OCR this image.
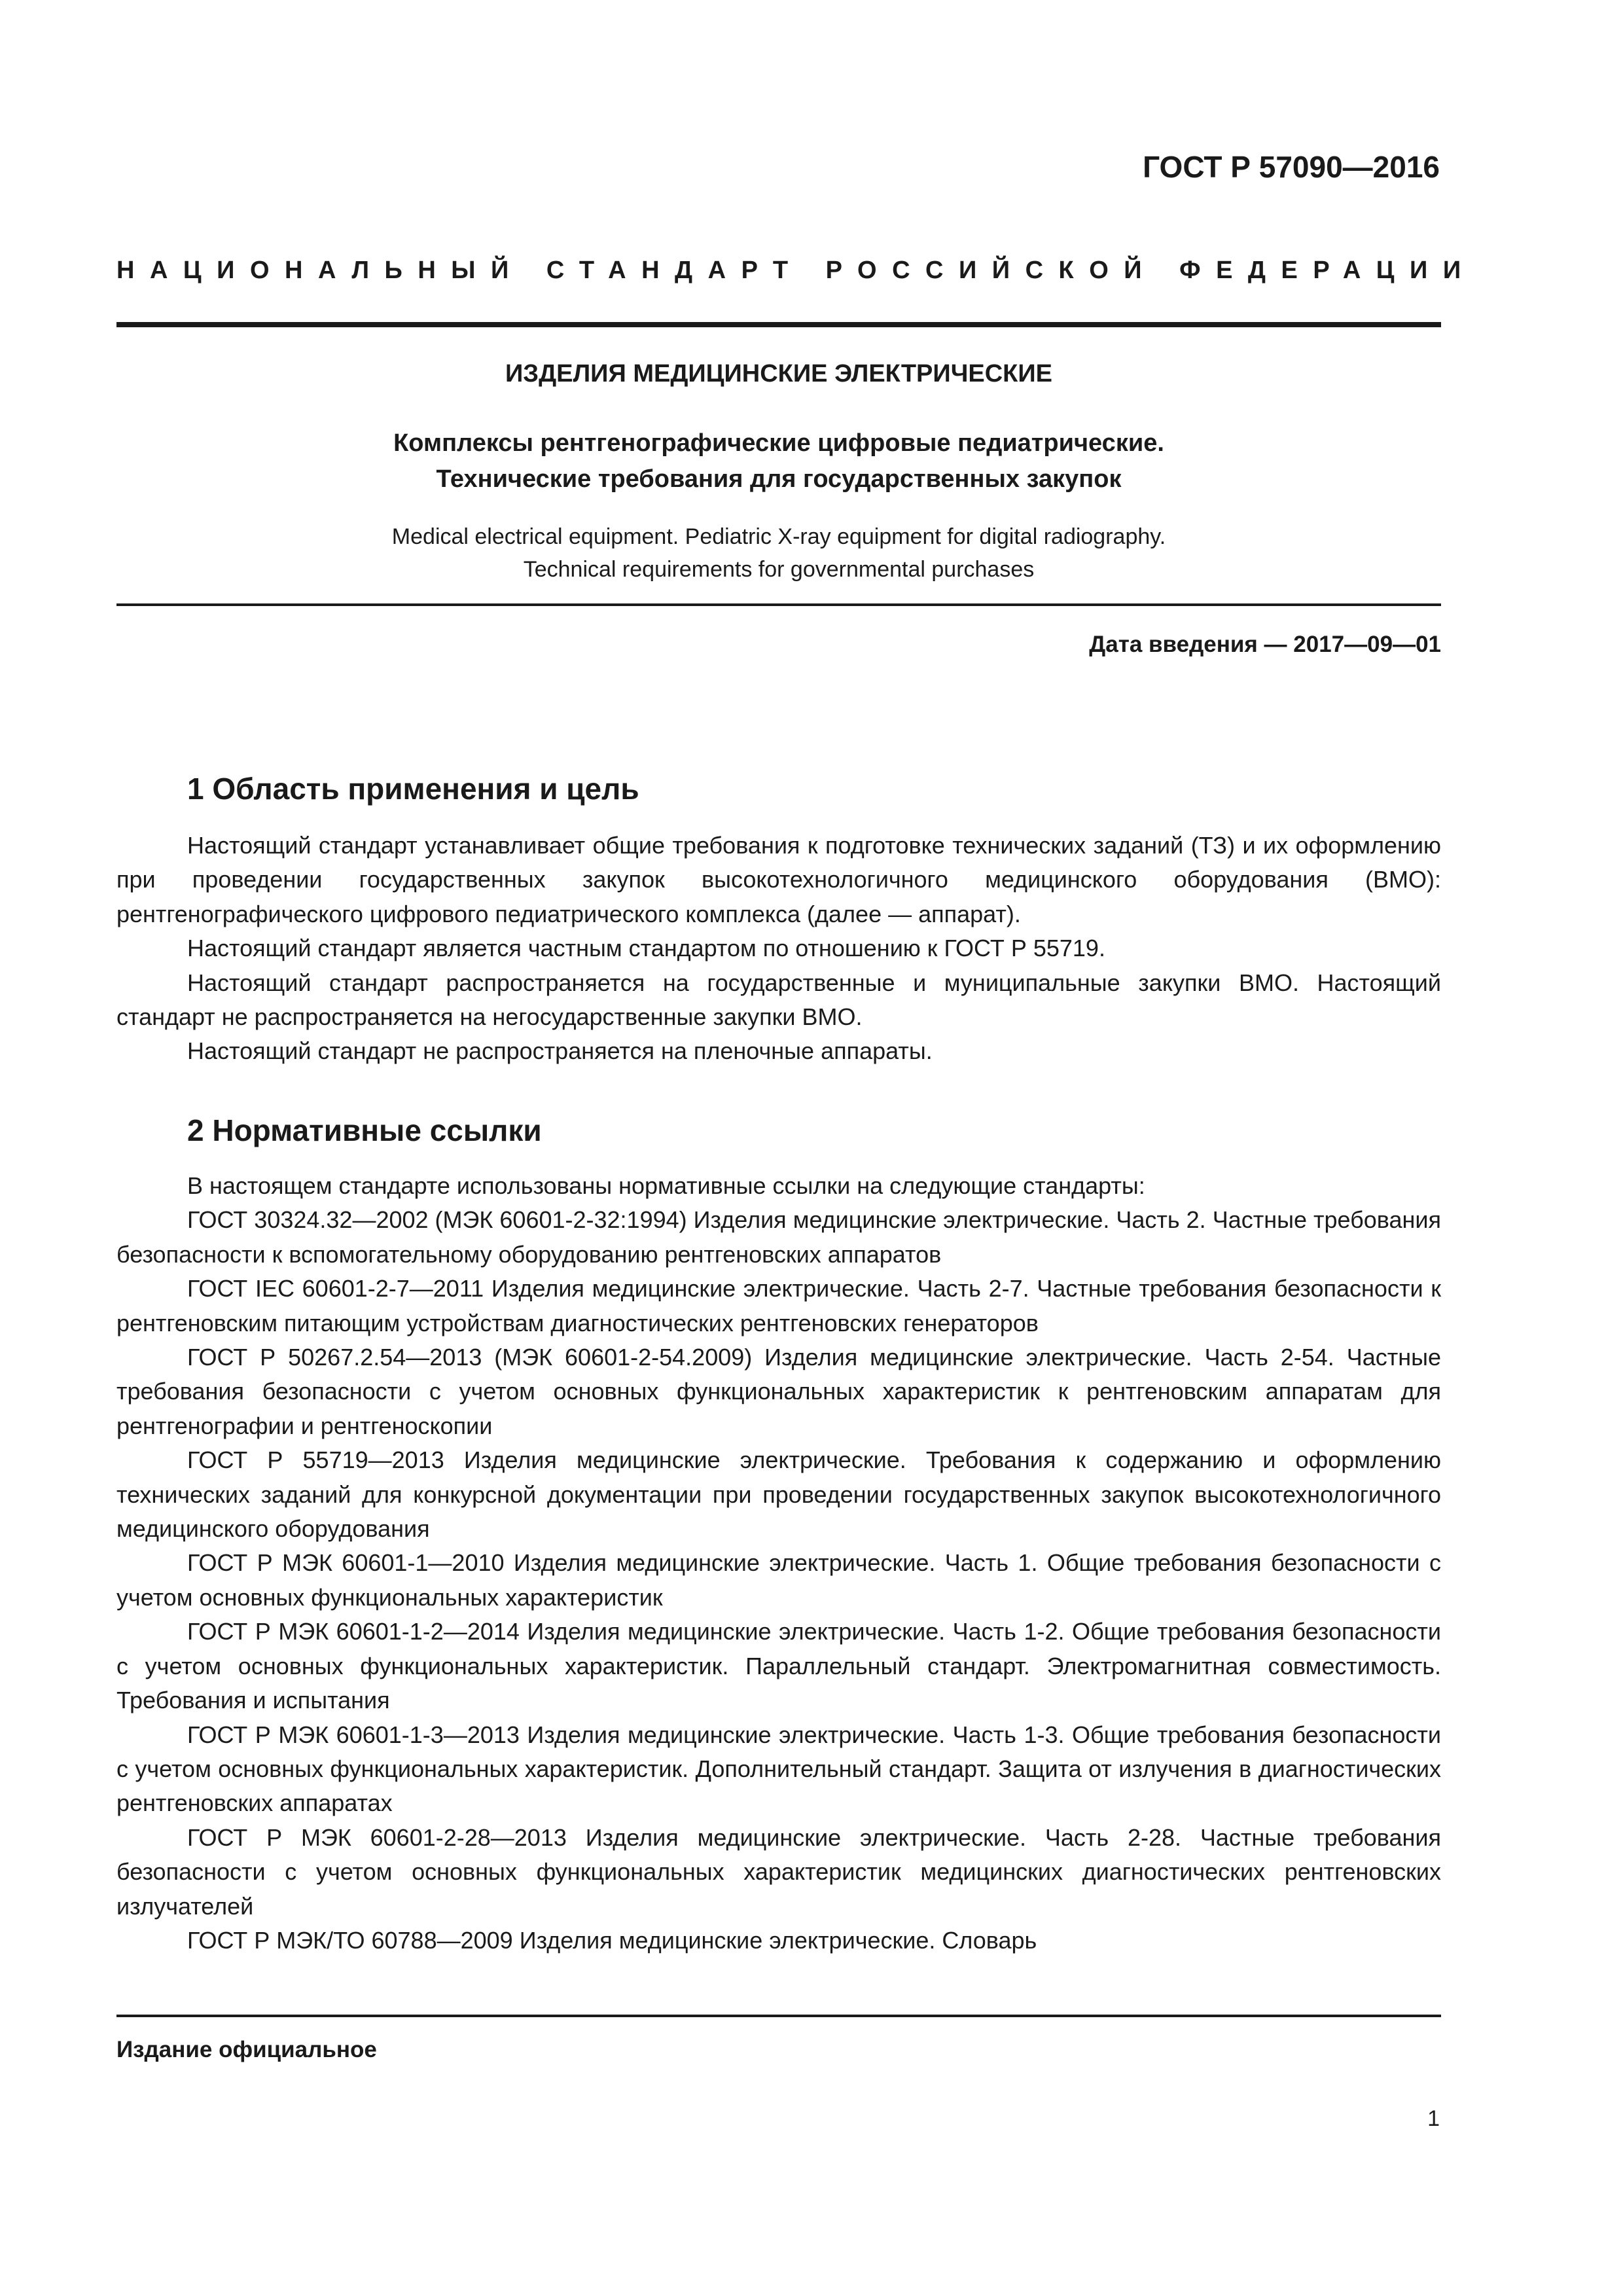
ГОСТ Р 57090—2016
НАЦИОНАЛЬНЫЙ СТАНДАРТ РОССИЙСКОЙ ФЕДЕРАЦИИ
ИЗДЕЛИЯ МЕДИЦИНСКИЕ ЭЛЕКТРИЧЕСКИЕ
Комплексы рентгенографические цифровые педиатрические.
Технические требования для государственных закупок
Medical electrical equipment. Pediatric X-ray equipment for digital radiography.
Technical requirements for governmental purchases
Дата введения — 2017—09—01
1 Область применения и цель

Настоящий стандарт устанавливает общие требования к подготовке технических заданий (ТЗ) и их оформлению при проведении государственных закупок высокотехнологичного медицинского оборудования (ВМО): рентгенографического цифрового педиатрического комплекса (далее — аппарат).

Настоящий стандарт является частным стандартом по отношению к ГОСТ Р 55719.

Настоящий стандарт распространяется на государственные и муниципальные закупки ВМО. Настоящий стандарт не распространяется на негосударственные закупки ВМО.

Настоящий стандарт не распространяется на пленочные аппараты.

2 Нормативные ссылки

В настоящем стандарте использованы нормативные ссылки на следующие стандарты:

ГОСТ 30324.32—2002 (МЭК 60601-2-32:1994) Изделия медицинские электрические. Часть 2. Частные требования безопасности к вспомогательному оборудованию рентгеновских аппаратов

ГОСТ IEC 60601-2-7—2011 Изделия медицинские электрические. Часть 2-7. Частные требования безопасности к рентгеновским питающим устройствам диагностических рентгеновских генераторов

ГОСТ Р 50267.2.54—2013 (МЭК 60601-2-54.2009) Изделия медицинские электрические. Часть 2-54. Частные требования безопасности с учетом основных функциональных характеристик к рентгеновским аппаратам для рентгенографии и рентгеноскопии

ГОСТ Р 55719—2013 Изделия медицинские электрические. Требования к содержанию и оформлению технических заданий для конкурсной документации при проведении государственных закупок высокотехнологичного медицинского оборудования

ГОСТ Р МЭК 60601-1—2010 Изделия медицинские электрические. Часть 1. Общие требования безопасности с учетом основных функциональных характеристик

ГОСТ Р МЭК 60601-1-2—2014 Изделия медицинские электрические. Часть 1-2. Общие требования безопасности с учетом основных функциональных характеристик. Параллельный стандарт. Электромагнитная совместимость. Требования и испытания

ГОСТ Р МЭК 60601-1-3—2013 Изделия медицинские электрические. Часть 1-3. Общие требования безопасности с учетом основных функциональных характеристик. Дополнительный стандарт. Защита от излучения в диагностических рентгеновских аппаратах

ГОСТ Р МЭК 60601-2-28—2013 Изделия медицинские электрические. Часть 2-28. Частные требования безопасности с учетом основных функциональных характеристик медицинских диагностических рентгеновских излучателей

ГОСТ Р МЭК/ТО 60788—2009 Изделия медицинские электрические. Словарь

Издание официальное
1
